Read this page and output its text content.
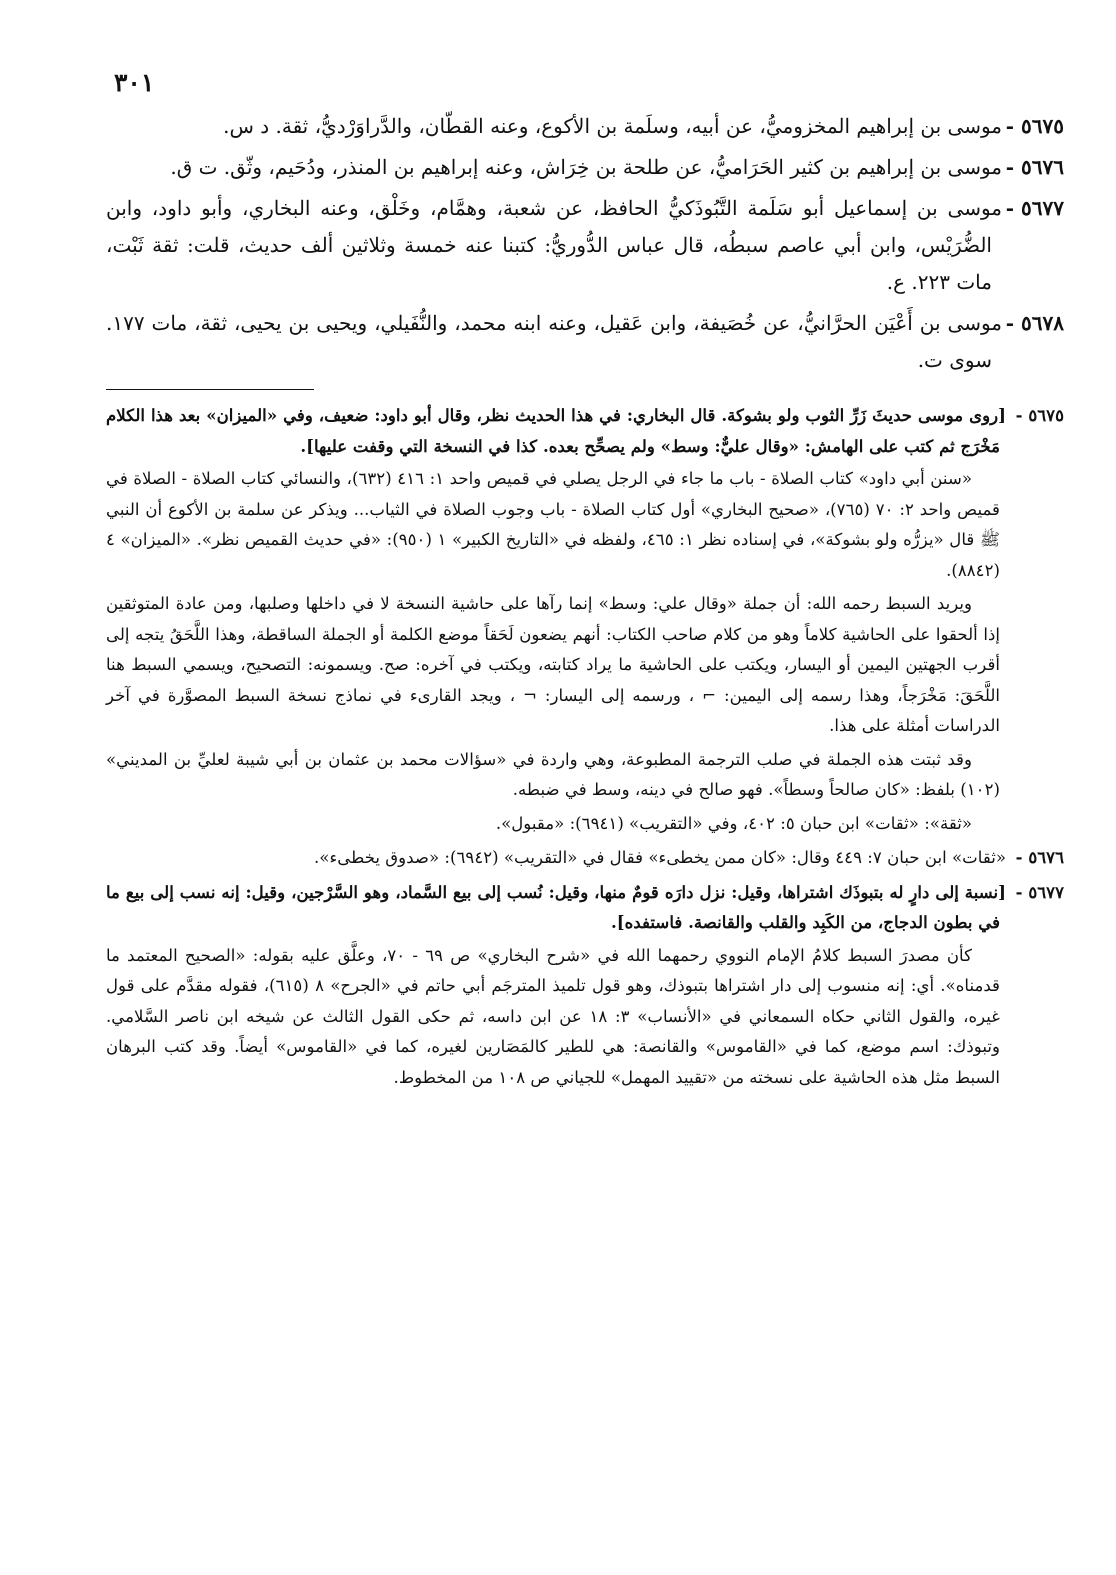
٣٠١

٥٦٧٥ -موسى بن إبراهيم المخزوميُّ، عن أبيه، وسلَمة بن الأكوع، وعنه القطّان، والدَّراوَرْديُّ، ثقة. د س.

٥٦٧٦ -موسى بن إبراهيم بن كثير الحَرَاميُّ، عن طلحة بن خِرَاش، وعنه إبراهيم بن المنذر، ودُحَيم، وثّق. ت ق.

٥٦٧٧ -موسى بن إسماعيل أبو سَلَمة التَّبُوذَكيُّ الحافظ، عن شعبة، وهمَّام، وخَلْق، وعنه البخاري، وأبو داود، وابن الضُّرَيْس، وابن أبي عاصم سبطُه، قال عباس الدُّوريُّ: كتبنا عنه خمسة وثلاثين ألف حديث، قلت: ثقة ثَبْت، مات ٢٢٣. ع.

٥٦٧٨ -موسى بن أَعْيَن الحرَّانيُّ، عن خُصَيفة، وابن عَقيل، وعنه ابنه محمد، والنُّفَيلي، ويحيى بن يحيى، ثقة، مات ١٧٧. سوى ت.

٥٦٧٥ -[روى موسى حديثَ زَرِّ الثوب ولو بشوكة. قال البخاري: في هذا الحديث نظر، وقال أبو داود: ضعيف، وفي «الميزان» بعد هذا الكلام مَخْرَج ثم كتب على الهامش: «وقال عليٌّ: وسط» ولم يصحِّح بعده. كذا في النسخة التي وقفت عليها].

«سنن أبي داود» كتاب الصلاة - باب ما جاء في الرجل يصلي في قميص واحد ١: ٤١٦ (٦٣٢)، والنسائي كتاب الصلاة - الصلاة في قميص واحد ٢: ٧٠ (٧٦٥)، «صحيح البخاري» أول كتاب الصلاة - باب وجوب الصلاة في الثياب... ويذكر عن سلمة بن الأكوع أن النبي ﷺ قال «يزرُّه ولو بشوكة»، في إسناده نظر ١: ٤٦٥، ولفظه في «التاريخ الكبير» ١ (٩٥٠): «في حديث القميص نظر». «الميزان» ٤ (٨٨٤٢).

ويريد السبط رحمه الله: أن جملة «وقال علي: وسط» إنما رآها على حاشية النسخة لا في داخلها وصلبها، ومن عادة المتوثقين إذا ألحقوا على الحاشية كلاماً وهو من كلام صاحب الكتاب: أنهم يضعون لَحَقاً موضع الكلمة أو الجملة الساقطة، وهذا اللَّحَقُ يتجه إلى أقرب الجهتين اليمين أو اليسار، ويكتب على الحاشية ما يراد كتابته، ويكتب في آخره: صح. ويسمونه: التصحيح، ويسمي السبط هنا اللَّحَقَ: مَخْرَجاً، وهذا رسمه إلى اليمين: ⌐ ، ورسمه إلى اليسار: ¬ ، ويجد القارىء في نماذج نسخة السبط المصوَّرة في آخر الدراسات أمثلة على هذا.

وقد ثبتت هذه الجملة في صلب الترجمة المطبوعة، وهي واردة في «سؤالات محمد بن عثمان بن أبي شيبة لعليِّ بن المديني» (١٠٢) بلفظ: «كان صالحاً وسطاً». فهو صالح في دينه، وسط في ضبطه.

«ثقة»: «ثقات» ابن حبان ٥: ٤٠٢، وفي «التقريب» (٦٩٤١): «مقبول».

٥٦٧٦ -«ثقات» ابن حبان ٧: ٤٤٩ وقال: «كان ممن يخطىء» فقال في «التقريب» (٦٩٤٢): «صدوق يخطىء».

٥٦٧٧ -[نسبة إلى دارٍ له بتبوذَك اشتراها، وقيل: نزل دارَه قومٌ منها، وقيل: نُسب إلى بيع السَّماد، وهو السَّرْجين، وقيل: إنه نسب إلى بيع ما في بطون الدجاج، من الكَبِد والقلب والقانصة. فاستفده].

كأن مصدرَ السبط كلامُ الإمام النووي رحمهما الله في «شرح البخاري» ص ٦٩ - ٧٠، وعلَّق عليه بقوله: «الصحيح المعتمد ما قدمناه». أي: إنه منسوب إلى دار اشتراها بتبوذك، وهو قول تلميذ المترجَم أبي حاتم في «الجرح» ٨ (٦١٥)، فقوله مقدَّم على قول غيره، والقول الثاني حكاه السمعاني في «الأنساب» ٣: ١٨ عن ابن داسه، ثم حكى القول الثالث عن شيخه ابن ناصر السَّلامي. وتبوذك: اسم موضع، كما في «القاموس» والقانصة: هي للطير كالمَصَارين لغيره، كما في «القاموس» أيضاً. وقد كتب البرهان السبط مثل هذه الحاشية على نسخته من «تقييد المهمل» للجياني ص ١٠٨ من المخطوط.
